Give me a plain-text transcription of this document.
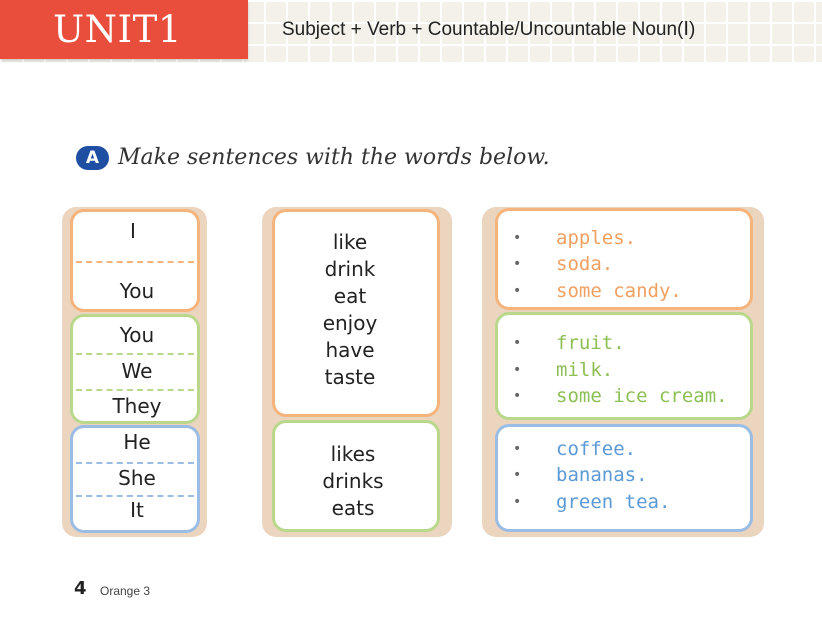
UNIT1	Subject + Verb + Countable/Uncountable Noun(Ⅰ)
A Make sentences with the words below.
I
You
You
We
They
He
She
It
like
drink
eat
enjoy
have
taste
likes
drinks
eats
• apples.
• soda.
• some candy.
• fruit.
• milk.
• some ice cream.
• coffee.
• bananas.
• green tea.
4 Orange 3
